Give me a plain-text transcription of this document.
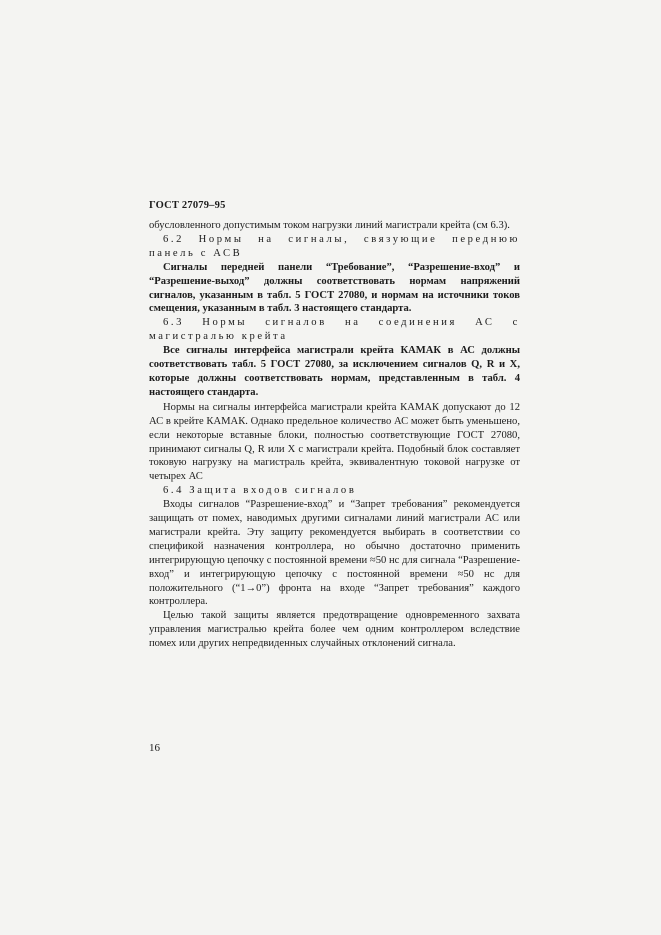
ГОСТ 27079–95

обусловленного допустимым током нагрузки линий магистрали крейта (см 6.3).

6.2 Нормы на сигналы, связующие переднюю панель с АСВ

Сигналы передней панели “Требование”, “Разрешение-вход” и “Разрешение-выход” должны соответствовать нормам напряжений сигналов, указанным в табл. 5 ГОСТ 27080, и нормам на источники токов смещения, указанным в табл. 3 настоящего стандарта.

6.3 Нормы сигналов на соединения АС с магистралью крейта

Все сигналы интерфейса магистрали крейта КАМАК в АС должны соответствовать табл. 5 ГОСТ 27080, за исключением сигналов Q, R и X, которые должны соответствовать нормам, представленным в табл. 4 настоящего стандарта.

Нормы на сигналы интерфейса магистрали крейта КАМАК допускают до 12 АС в крейте КАМАК. Однако предельное количество АС может быть уменьшено, если некоторые вставные блоки, полностью соответствующие ГОСТ 27080, принимают сигналы Q, R или X с магистрали крейта. Подобный блок составляет токовую нагрузку на магистраль крейта, эквивалентную токовой нагрузке от четырех АС

6.4 Защита входов сигналов

Входы сигналов “Разрешение-вход” и “Запрет требования” рекомендуется защищать от помех, наводимых другими сигналами линий магистрали АС или магистрали крейта. Эту защиту рекомендуется выбирать в соответствии со спецификой назначения контроллера, но обычно достаточно применить интегрирующую цепочку с постоянной времени ≈50 нс для сигнала “Разрешение-вход” и интегрирующую цепочку с постоянной времени ≈50 нс для положительного (“1→0”) фронта на входе “Запрет требования” каждого контроллера.

Целью такой защиты является предотвращение одновременного захвата управления магистралью крейта более чем одним контроллером вследствие помех или других непредвиденных случайных отклонений сигнала.

16
